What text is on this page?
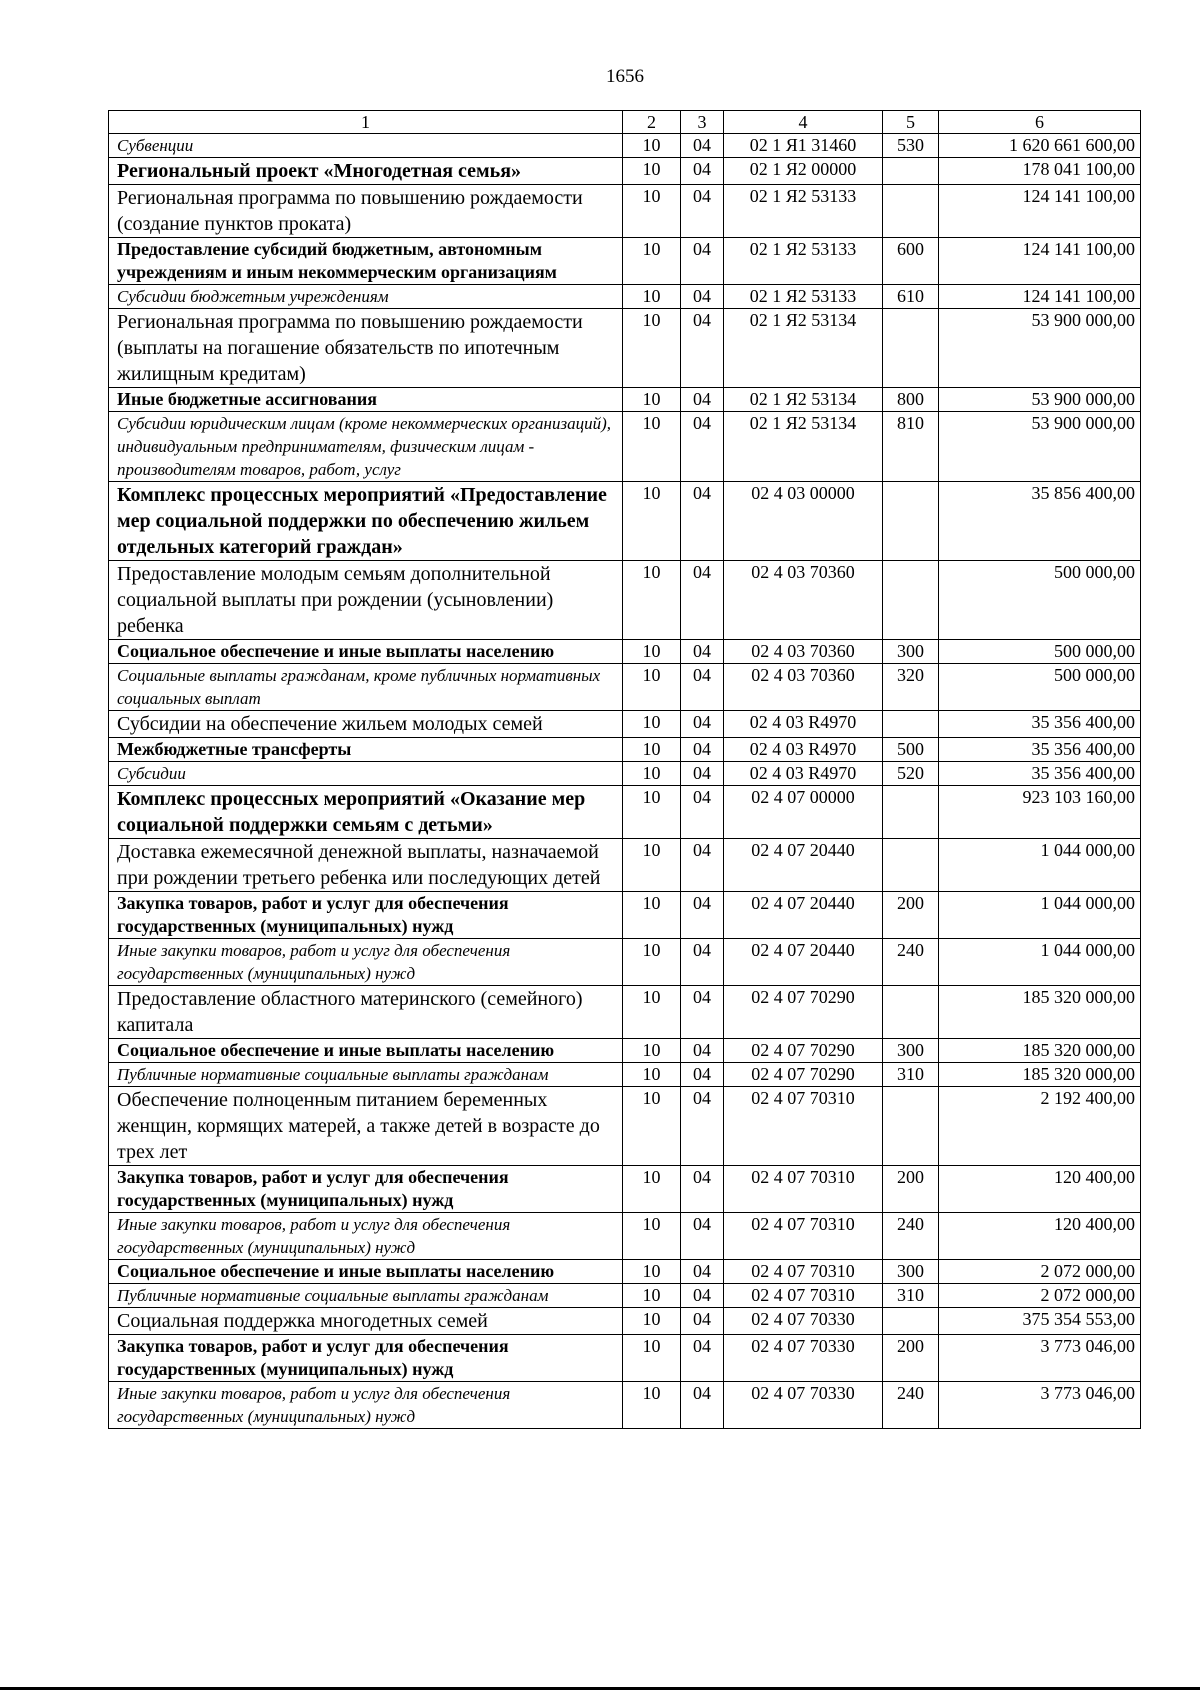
1656
1	2	3	4	5	6
Субвенции	10	04	02 1 Я1 31460	530	1 620 661 600,00
Региональный проект «Многодетная семья»	10	04	02 1 Я2 00000		178 041 100,00
Региональная программа по повышению рождаемости (создание пунктов проката)	10	04	02 1 Я2 53133		124 141 100,00
Предоставление субсидий бюджетным, автономным учреждениям и иным некоммерческим организациям	10	04	02 1 Я2 53133	600	124 141 100,00
Субсидии бюджетным учреждениям	10	04	02 1 Я2 53133	610	124 141 100,00
Региональная программа по повышению рождаемости (выплаты на погашение обязательств по ипотечным жилищным кредитам)	10	04	02 1 Я2 53134		53 900 000,00
Иные бюджетные ассигнования	10	04	02 1 Я2 53134	800	53 900 000,00
Субсидии юридическим лицам (кроме некоммерческих организаций), индивидуальным предпринимателям, физическим лицам - производителям товаров, работ, услуг	10	04	02 1 Я2 53134	810	53 900 000,00
Комплекс процессных мероприятий «Предоставление мер социальной поддержки по обеспечению жильем отдельных категорий граждан»	10	04	02 4 03 00000		35 856 400,00
Предоставление молодым семьям дополнительной социальной выплаты при рождении (усыновлении) ребенка	10	04	02 4 03 70360		500 000,00
Социальное обеспечение и иные выплаты населению	10	04	02 4 03 70360	300	500 000,00
Социальные выплаты гражданам, кроме публичных нормативных социальных выплат	10	04	02 4 03 70360	320	500 000,00
Субсидии на обеспечение жильем молодых семей	10	04	02 4 03 R4970		35 356 400,00
Межбюджетные трансферты	10	04	02 4 03 R4970	500	35 356 400,00
Субсидии	10	04	02 4 03 R4970	520	35 356 400,00
Комплекс процессных мероприятий «Оказание мер социальной поддержки семьям с детьми»	10	04	02 4 07 00000		923 103 160,00
Доставка ежемесячной денежной выплаты, назначаемой при рождении третьего ребенка или последующих детей	10	04	02 4 07 20440		1 044 000,00
Закупка товаров, работ и услуг для обеспечения государственных (муниципальных) нужд	10	04	02 4 07 20440	200	1 044 000,00
Иные закупки товаров, работ и услуг для обеспечения государственных (муниципальных) нужд	10	04	02 4 07 20440	240	1 044 000,00
Предоставление областного материнского (семейного) капитала	10	04	02 4 07 70290		185 320 000,00
Социальное обеспечение и иные выплаты населению	10	04	02 4 07 70290	300	185 320 000,00
Публичные нормативные социальные выплаты гражданам	10	04	02 4 07 70290	310	185 320 000,00
Обеспечение полноценным питанием беременных женщин, кормящих матерей, а также детей в возрасте до трех лет	10	04	02 4 07 70310		2 192 400,00
Закупка товаров, работ и услуг для обеспечения государственных (муниципальных) нужд	10	04	02 4 07 70310	200	120 400,00
Иные закупки товаров, работ и услуг для обеспечения государственных (муниципальных) нужд	10	04	02 4 07 70310	240	120 400,00
Социальное обеспечение и иные выплаты населению	10	04	02 4 07 70310	300	2 072 000,00
Публичные нормативные социальные выплаты гражданам	10	04	02 4 07 70310	310	2 072 000,00
Социальная поддержка многодетных семей	10	04	02 4 07 70330		375 354 553,00
Закупка товаров, работ и услуг для обеспечения государственных (муниципальных) нужд	10	04	02 4 07 70330	200	3 773 046,00
Иные закупки товаров, работ и услуг для обеспечения государственных (муниципальных) нужд	10	04	02 4 07 70330	240	3 773 046,00
